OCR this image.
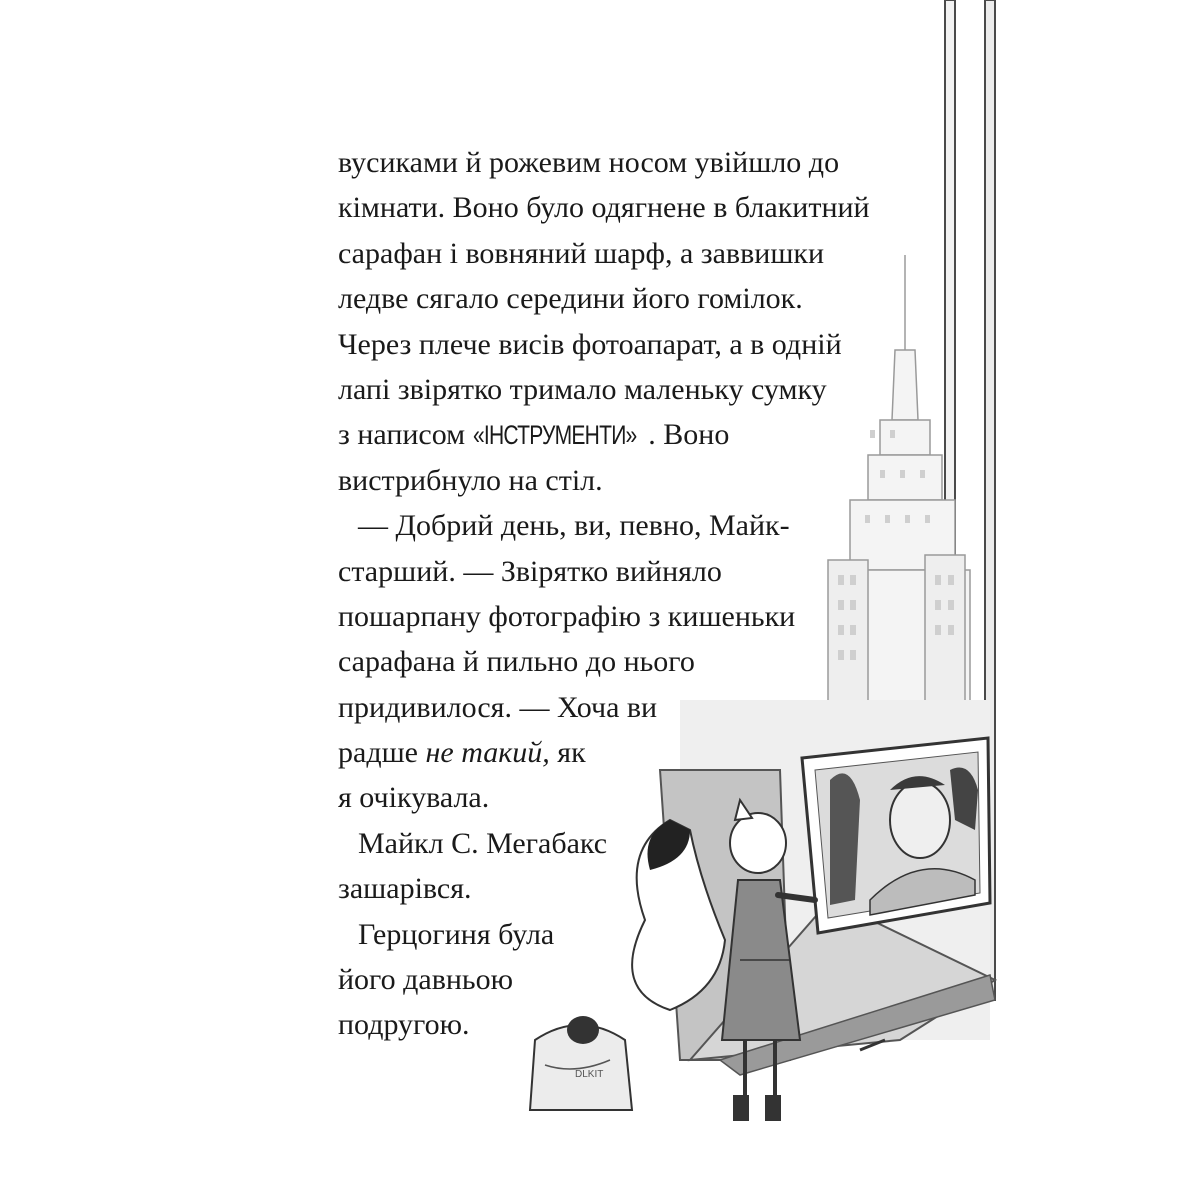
DLKIT
вусиками й рожевим носом увійшло до
кімнати. Воно було одягнене в блакитний
сарафан і вовняний шарф, а заввишки
ледве сягало середини його гомілок.
Через плече висів фотоапарат, а в одній
лапі звірятко тримало маленьку сумку
з написом «ІНСТРУМЕНТИ» . Воно
вистрибнуло на стіл.
— Добрий день, ви, певно, Майк-
старший. — Звірятко вийняло
пошарпану фотографію з кишеньки
сарафана й пильно до нього
придивилося. — Хоча ви
радше не такий, як
я очікувала.
Майкл С. Мегабакс
зашарівся.
Герцогиня була
його давньою
подругою.
